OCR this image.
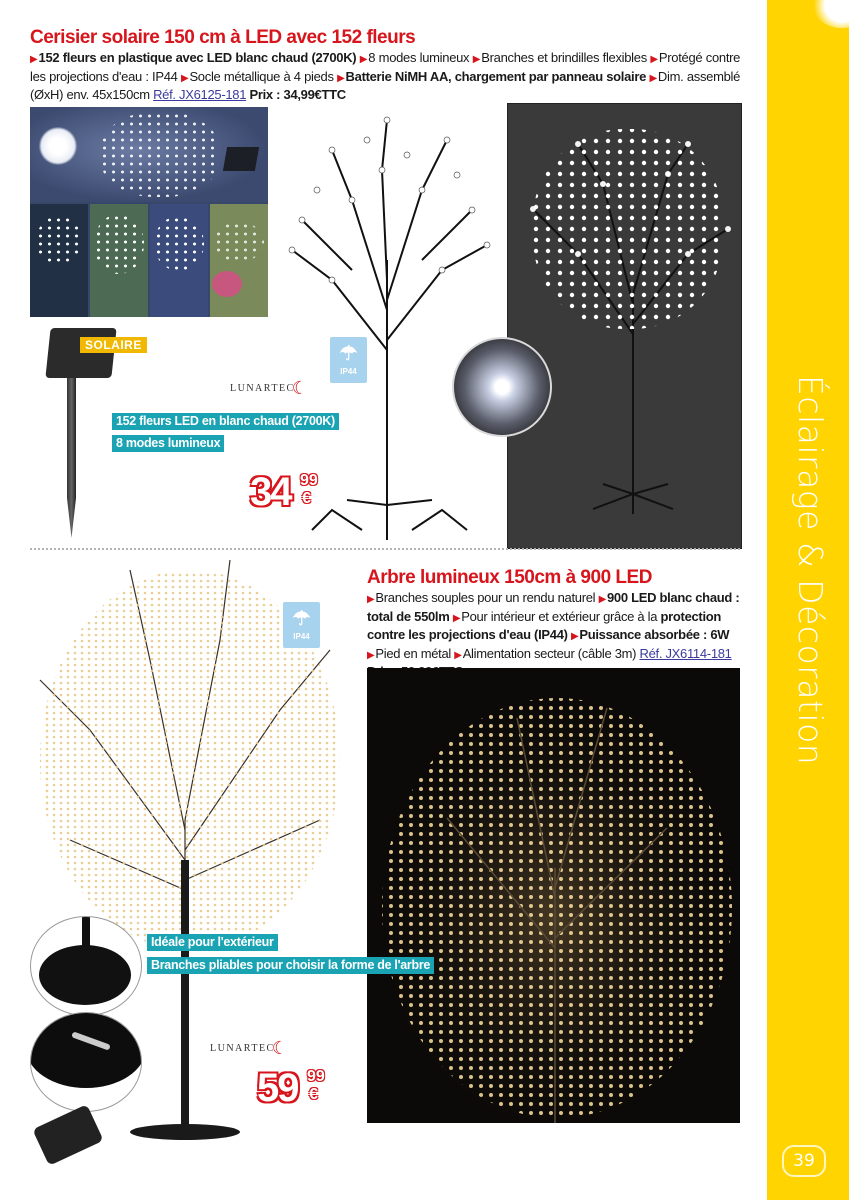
Éclairage & Décoration
39
Cerisier solaire 150 cm à LED avec 152 fleurs
▶152 fleurs en plastique avec LED blanc chaud (2700K) ▶8 modes lumineux ▶Branches et brindilles flexibles ▶Protégé contre les projections d'eau : IP44 ▶Socle métallique à 4 pieds ▶Batterie NiMH AA, chargement par panneau solaire ▶Dim. assemblé (ØxH) env. 45x150cm Réf. JX6125-181 Prix : 34,99€TTC
SOLAIRE	☂
IP44
LUNARTEC☾
152 fleurs LED en blanc chaud (2700K)
8 modes lumineux
34 99
€
Arbre lumineux 150cm à 900 LED
▶Branches souples pour un rendu naturel ▶900 LED blanc chaud : total de 550lm ▶Pour intérieur et extérieur grâce à la protection contre les projections d'eau (IP44) ▶Puissance absorbée : 6W ▶Pied en métal ▶Alimentation secteur (câble 3m) Réf. JX6114-181
☂
IP44
Idéale pour l'extérieur
Branches pliables pour choisir la forme de l'arbre
LUNARTEC☾
59 99
€
